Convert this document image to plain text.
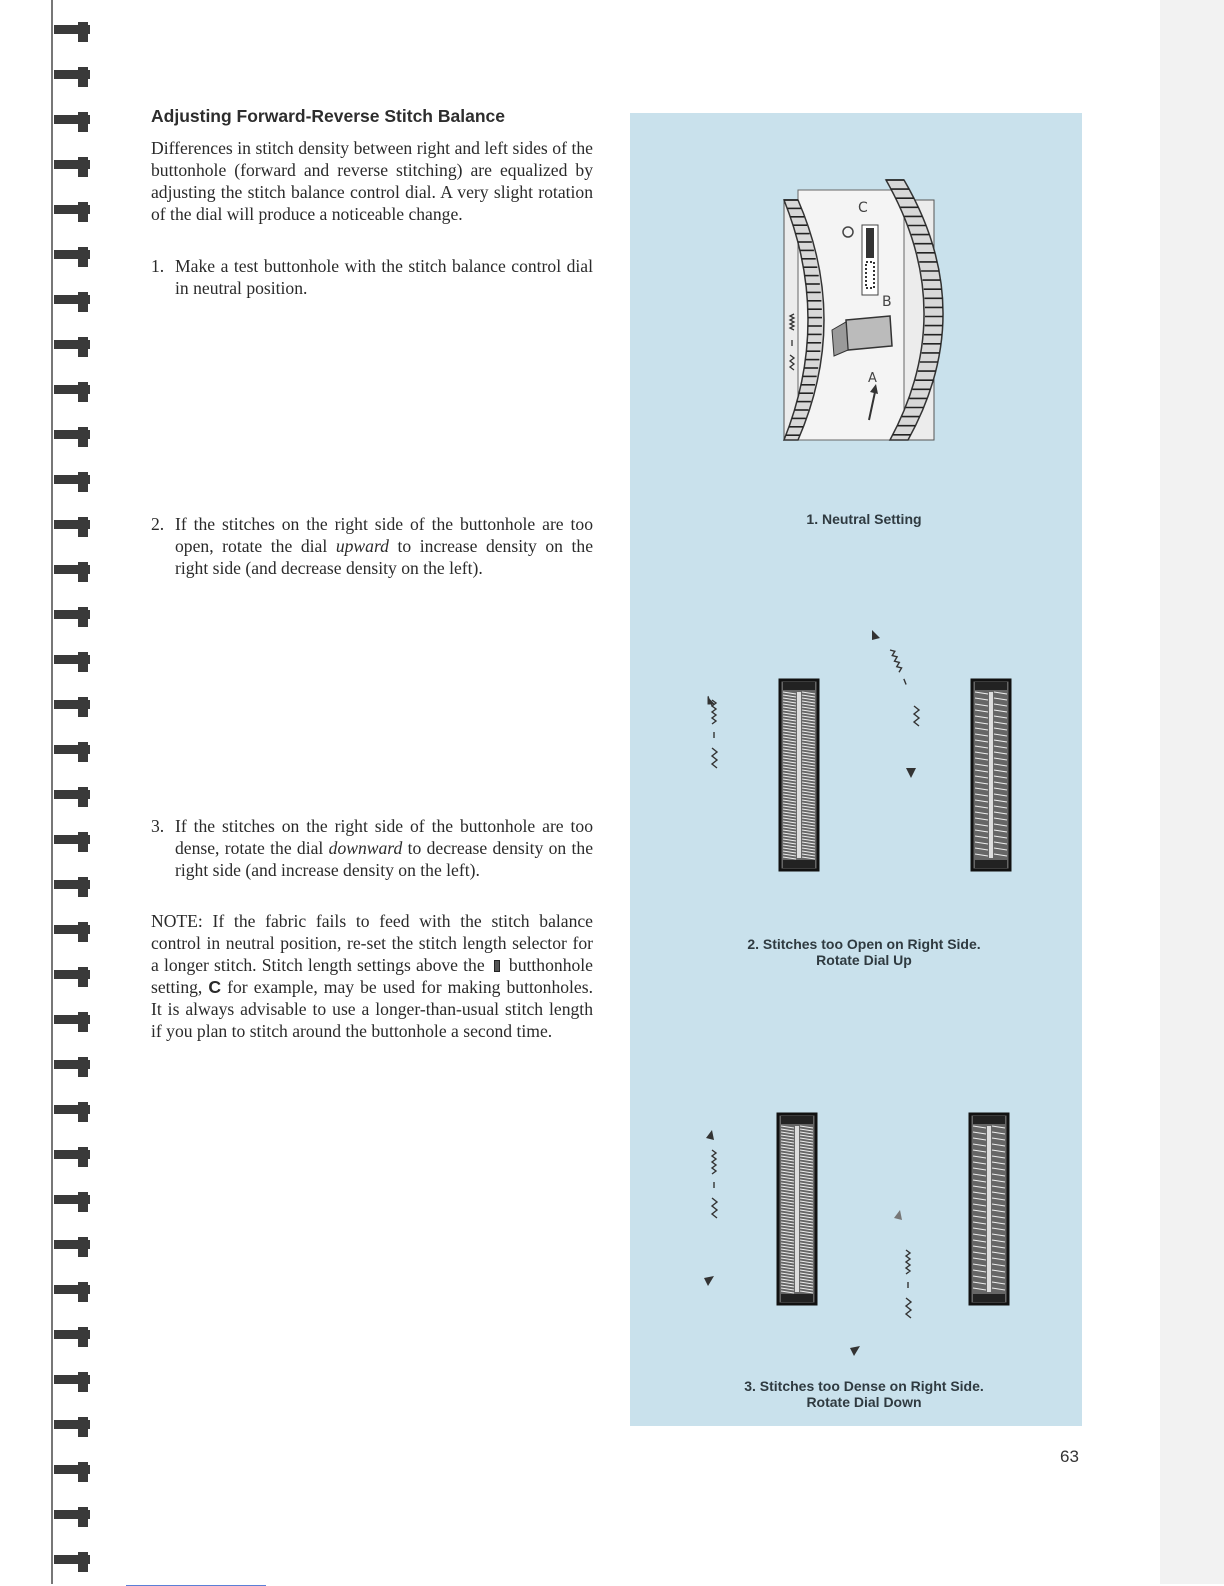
Adjusting Forward-Reverse Stitch Balance

Differences in stitch density between right and left sides of the buttonhole (forward and reverse stitching) are equalized by adjusting the stitch balance control dial. A very slight rotation of the dial will produce a noticeable change.

1. Make a test buttonhole with the stitch balance control dial in neutral position.
2. If the stitches on the right side of the buttonhole are too open, rotate the dial upward to increase density on the right side (and decrease density on the left).
3. If the stitches on the right side of the buttonhole are too dense, rotate the dial downward to decrease density on the right side (and increase density on the left).

NOTE: If the fabric fails to feed with the stitch balance control in neutral position, re-set the stitch length selector for a longer stitch. Stitch length settings above the  butthonhole setting, C for example, may be used for making buttonholes. It is always advisable to use a longer-than-usual stitch length if you plan to stitch around the buttonhole a second time.

C
B
A
1. Neutral Setting
2. Stitches too Open on Right Side.
Rotate Dial Up
3. Stitches too Dense on Right Side.
Rotate Dial Down
63
